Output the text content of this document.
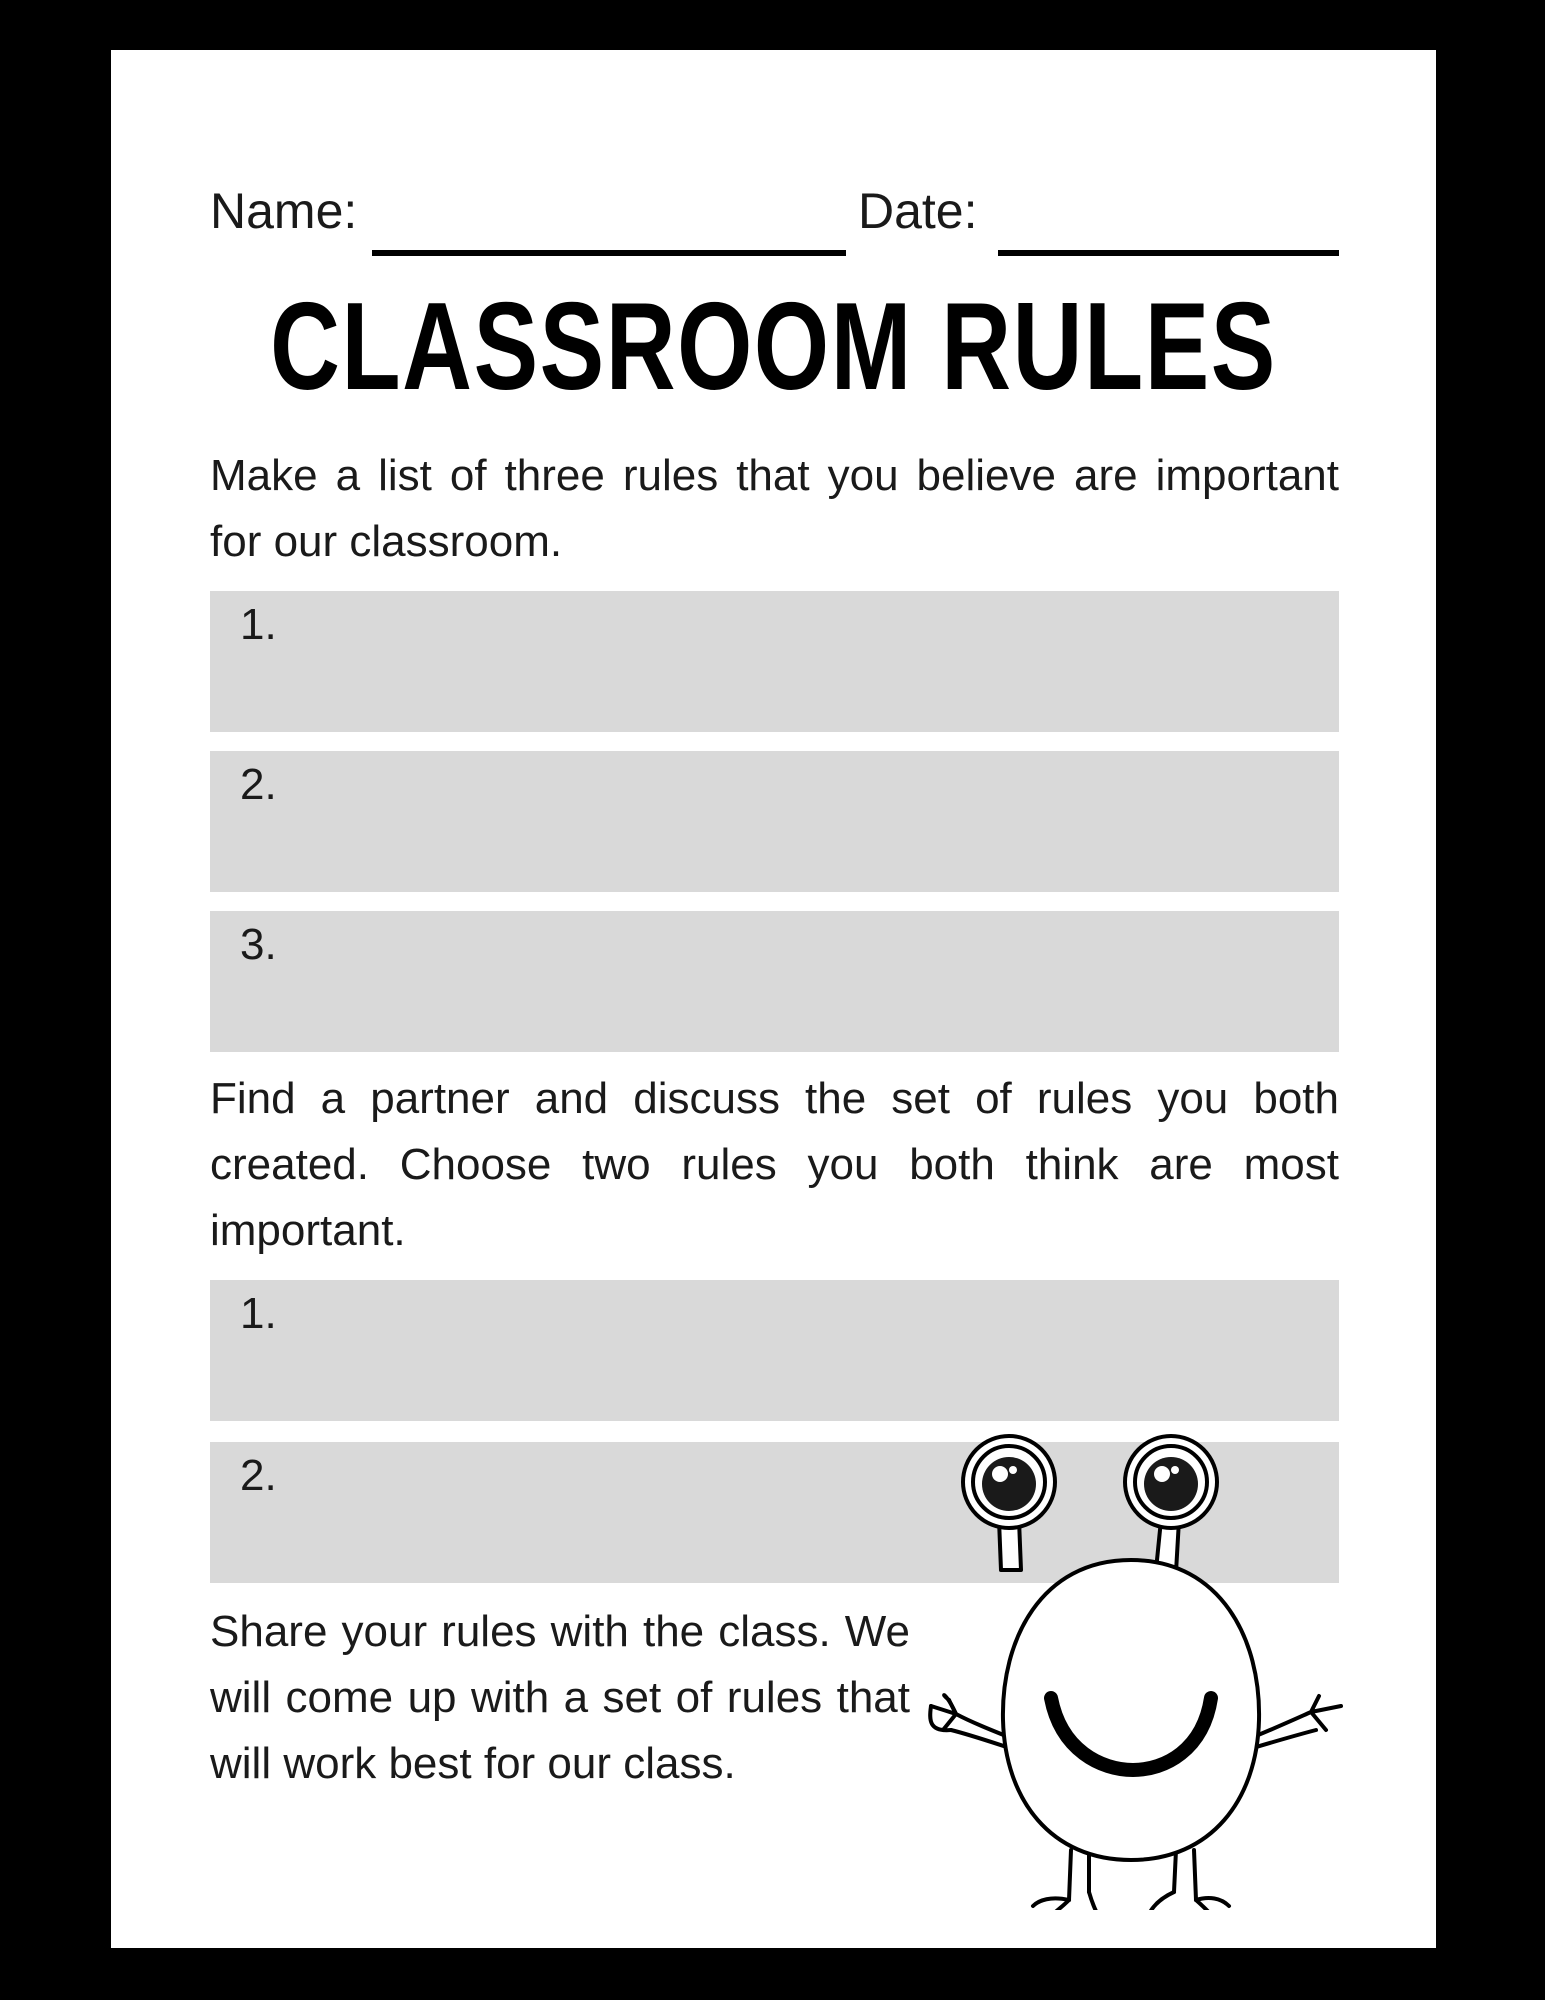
Name:	Date:
CLASSROOM RULES
Make a list of three rules that you believe are important for our classroom.
1.
2.
3.
Find a partner and discuss the set of rules you both created. Choose two rules you both think are most important.
1.
2.
Share your rules with the class. We will come up with a set of rules that will work best for our class.
